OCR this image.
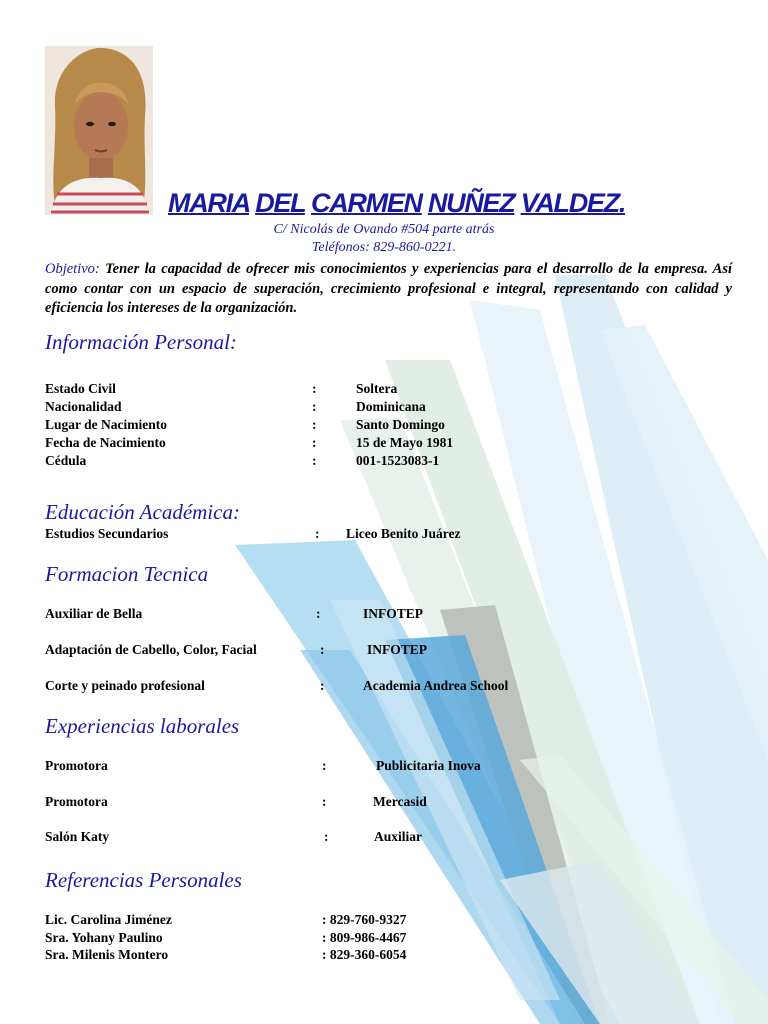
MARIA DEL CARMEN NUÑEZ VALDEZ.
C/ Nicolás de Ovando #504 parte atrás
Teléfonos: 829-860-0221.
Objetivo: Tener la capacidad de ofrecer mis conocimientos y experiencias para el desarrollo de la empresa. Así como contar con un espacio de superación, crecimiento profesional e integral, representando con calidad y eficiencia los intereses de la organización.
Información Personal:
Estado Civil	:	Soltera
Nacionalidad	:	Dominicana
Lugar de Nacimiento	:	Santo Domingo
Fecha de Nacimiento	:	15 de Mayo 1981
Cédula	:	001-1523083-1
Educación Académica:
Estudios Secundarios	: Liceo Benito Juárez
Formacion Tecnica
Auxiliar de Bella	:	INFOTEP
Adaptación de Cabello, Color, Facial	:	INFOTEP
Corte y peinado profesional	:	Academia Andrea School
Experiencias laborales
Promotora	:	Publicitaria Inova
Promotora	:	Mercasid
Salón Katy	:	Auxiliar
Referencias Personales
Lic. Carolina Jiménez	: 829-760-9327
Sra. Yohany Paulino	: 809-986-4467
Sra. Milenis Montero	: 829-360-6054
